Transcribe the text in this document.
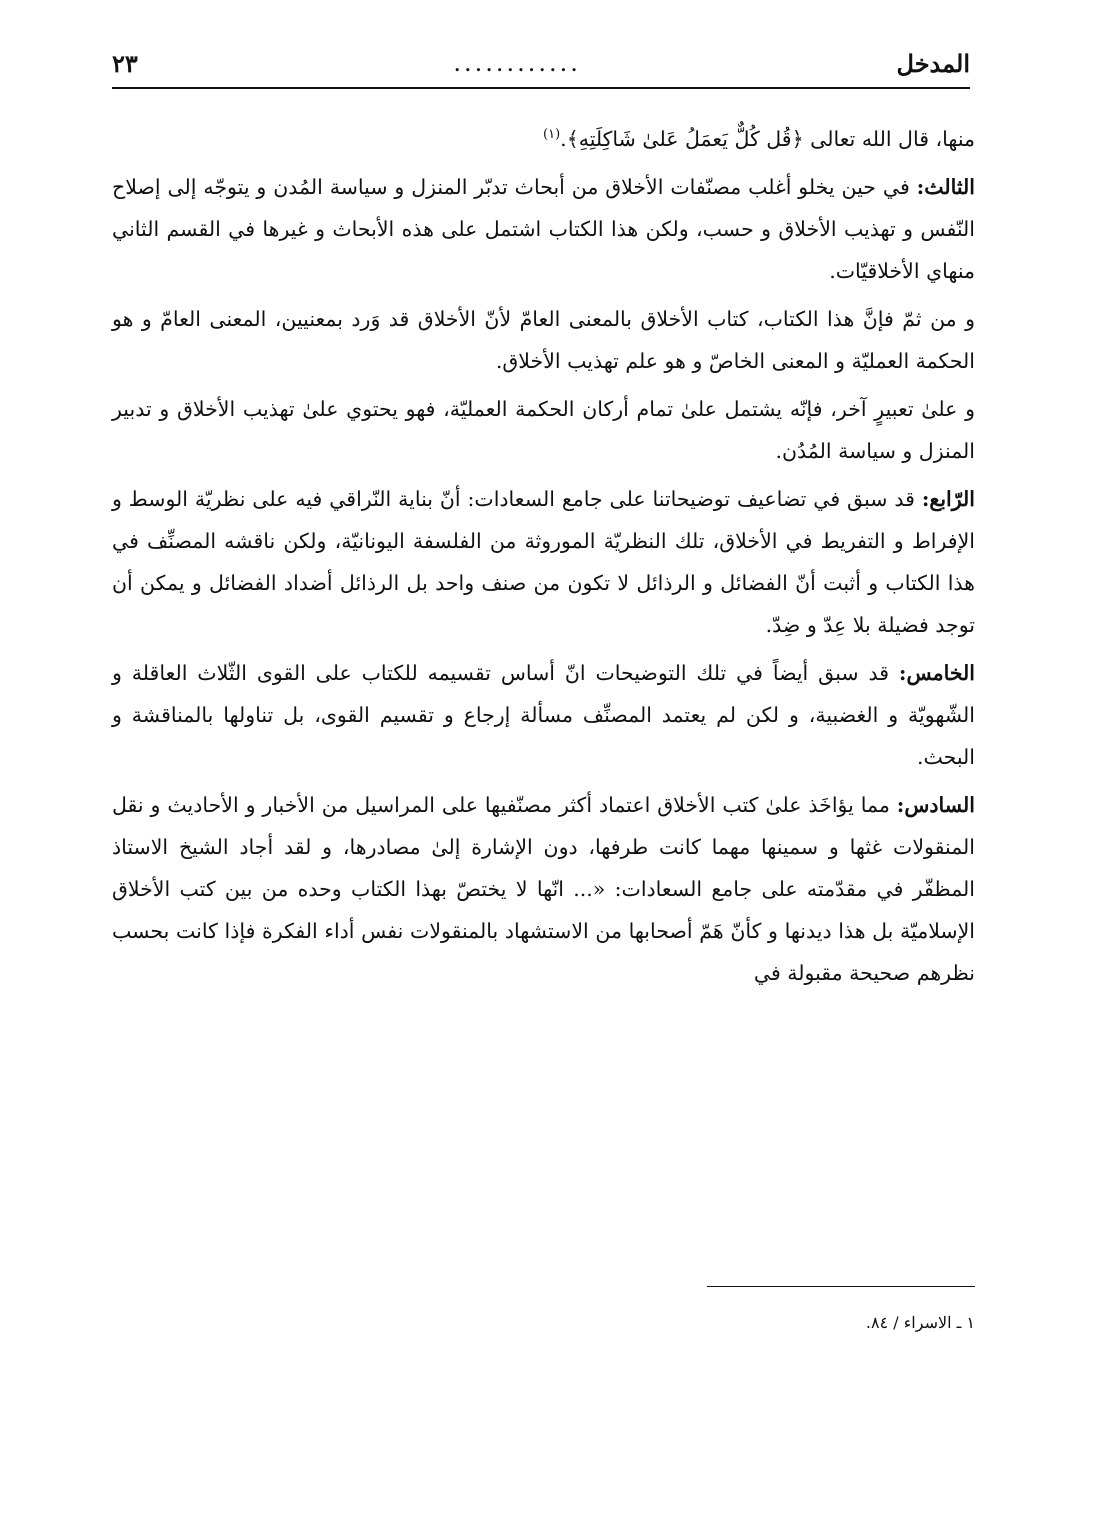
المدخل
............
٢٣

منها، قال الله تعالى ﴿قُل كُلٌّ يَعمَلُ عَلىٰ شَاكِلَتِهِ﴾.$^{(١)}$

الثالث: في حين يخلو أغلب مصنّفات الأخلاق من أبحاث تدبّر المنزل و سياسة المُدن و يتوجّه إلى إصلاح النّفس و تهذيب الأخلاق و حسب، ولكن هذا الكتاب اشتمل على هذه الأبحاث و غيرها في القسم الثاني منهاي الأخلاقيّات.

و من ثمّ فإنَّ هذا الكتاب، كتاب الأخلاق بالمعنى العامّ لأنّ الأخلاق قد وَرد بمعنيين، المعنى العامّ و هو الحكمة العمليّة و المعنى الخاصّ و هو علم تهذيب الأخلاق.

و علىٰ تعبيرٍ آخر، فإنّه يشتمل علىٰ تمام أركان الحكمة العمليّة، فهو يحتوي علىٰ تهذيب الأخلاق و تدبير المنزل و سياسة المُدُن.

الرّابع: قد سبق في تضاعيف توضيحاتنا على جامع السعادات: أنّ بناية النّراقي فيه على نظريّة الوسط و الإفراط و التفريط في الأخلاق، تلك النظريّة الموروثة من الفلسفة اليونانيّة، ولكن ناقشه المصنِّف في هذا الكتاب و أثبت أنّ الفضائل و الرذائل لا تكون من صنف واحد بل الرذائل أضداد الفضائل و يمكن أن توجد فضيلة بلا عِدّ و ضِدّ.

الخامس: قد سبق أيضاً في تلك التوضيحات انّ أساس تقسيمه للكتاب على القوى الثّلاث العاقلة و الشّهويّة و الغضبية، و لكن لم يعتمد المصنِّف مسألة إرجاع و تقسيم القوى، بل تناولها بالمناقشة و البحث.

السادس: مما يؤاخَذ علىٰ كتب الأخلاق اعتماد أكثر مصنّفيها على المراسيل من الأخبار و الأحاديث و نقل المنقولات غثها و سمينها مهما كانت طرفها، دون الإشارة إلىٰ مصادرها، و لقد أجاد الشيخ الاستاذ المظفّر في مقدّمته على جامع السعادات: «... انّها لا يختصّ بهذا الكتاب وحده من بين كتب الأخلاق الإسلاميّة بل هذا ديدنها و كأنّ هَمّ أصحابها من الاستشهاد بالمنقولات نفس أداء الفكرة فإذا كانت بحسب نظرهم صحيحة مقبولة في

١ ـ الاسراء / ٨٤.
